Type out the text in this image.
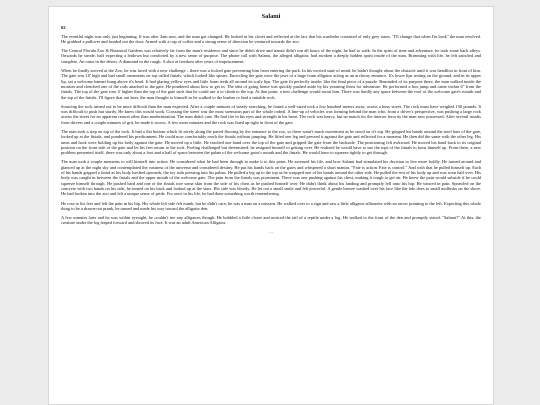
Salami
02

The eventful night was only just beginning. It was after 3am now, and the man got changed. He looked in his closet and reflected at the fact that his wardrobe consisted of only grey tones. "I'll change that when I'm back" the man resolved. He grabbed a pullover and headed out the door. Armed with a cup of coffee and a strong sense of direction he ventured towards the zoo.

The Central Florida Zoo & Botanical Gardens was relatively far from the man's residence and since he didn't drive and transit didn't run all hours of the night, he had to walk. In the spirit of time and adventure, he took some back alleys. Onwards he strode, half expecting a letdown but comforted by a new sense of purpose. The phone call with Salami, the alleged alligator, had awoken a deeply hidden spirit inside of the man. Brimming with life, he felt satisfied and complete. An oasis in the desert. A diamond in the rough. A shot at freedom after years of imprisonment.

When he finally arrived at the Zoo, he was faced with a new challenge – there was a locked gate preventing him from entering the park. In his excited state of mind, he hadn't thought about the obstacle until it was headfirst in front of him. The gate was 10' high and had small ornaments on top called finials, which looked like spears. Encircling the gate were the jaws of a huge foam alligator acting as an archway entrance. It's lower lips resting on the ground, and in its upper lip, sat a welcome banner hung above it's head. It had glaring yellow eyes and little foam teeth all around its scaly lips. The gate fit perfectly inside, like the final piece of a puzzle. Reminded of its purpose there, the man walked inside the monster and clenched one of the rods attached to the gate. He pondered about how to get in. The idea of going home was quickly pushed aside by his yearning thirst for adventure. He performed a box jump and came within 6" from the finials. The top of the gate rose 4' higher than the top of the gate such that he could use it to climb to the top. At that point, a new challenge would await him. There was hardly any space between the roof of the welcome gate's mouth and the top of the finials. I'll figure that out later, the man thought to himself as he walked to the bushes to find a suitable rock.

Sourcing the rock turned out to be more difficult than the man expected. After a couple minutes of steady searching, he found a well-sized rock a few hundred meters away, across a busy street. The rock must have weighed 150 pounds. It was difficult to push but sturdy. He knew this would work. Crossing the street was the most strenuous part of the whole ordeal. A line-up of vehicles was forming behind the man who, from a driver's perspective, was pushing a large rock across the street for no apparent reason other than modernization. The man didn't care. He had fire in his eyes and strength in his heart. The rock was heavy, but no match for the interior ferocity the man now possessed. After several insults from drivers and a couple minutes of grit, he made it across. A few more minutes and the rock was lined up right in front of the gate.

The man took a step on top of the rock. It had a flat bottom which fit nicely along the paved flooring by the entrance to the zoo, so there wasn't much movement as he stood on it's top. He gripped his hands around the steel bars of the gate, looked up at the finials, and pondered his predicament. He could now comfortably reach the finials without jumping. He lifted one leg and pressed it against the gate and reflected for a moment. He then did the same with the other leg. His arms and back were holding up his body against the gate. He moved up a little. He reached one hand over the top of the gate and gripped the gate from the backside. The positioning felt awkward. He moved his hand back to its original position on the front side of the gate and let his feet return to the rock. Feeling challenged but determined, he resigned himself to getting over. He realized he would have to use the tops of the finials to hoist himself up. From there, a new problem presented itself; there was only about a foot and a half of space between the palate of the welcome gator's mouth and the finials. He would have to squeeze tightly to get through.

The man took a couple moments to will himself into action. He considered what he had been through to make it to this point. He assessed his life, and how Salami had stimulated his decision to live more boldly. He turned around and glanced up at the night sky and contemplated the vastness of the universe and considered destiny. He put his hands back on the gates and whispered a short mantra, "Fate is action. Fate is control." And with that he pulled himself up. Each of his hands gripped a finial as his body lurched upwards, the toy rods pressing into his palms. He pulled a leg up to the top as he wrapped one of his hands around the other side. He pulled the rest of his body up and was soon half over. His body was caught in between the finials and the upper mouth of the welcome gate. The pain from the finials was prominent. There was one pushing against his chest, making it tough to get air. He knew the pain would subside if he could squeeze himself through. He pushed hard and one of the finials tore some skin from the side of his chest as he pushed himself over. He didn't think about his landing and promptly fell onto his hip. He winced in pain. Sprawled on the concrete with two hands on his side, he turned on his back and looked up at the stars. His side was bloody. He let out a small smile and felt powerful. A gentle breeze washed over his face like the tide does to small mollusks on the shore. He had broken into the zoo and felt a unique sense of pride. For once in his life, he had done something worth remembering.

He rose to his feet and felt the pain in his hip. His whole left side felt numb, but he didn't care; he was a man on a mission. He walked over to a sign and saw a little alligator silhouette with an arrow pointing to the left. Expecting this whole thing to be a drawn-out prank, he turned and made his way toward the alligator den.

A few minutes later and he was within eyesight, he couldn't see any alligators though. He hobbled a little closer and noticed the tail of a reptile under a log. He walked to the front of the den and promptly stated, "Salami?" At this, the creature under the log leaped forward and showed its face. It was an adult American Alligator.

···
